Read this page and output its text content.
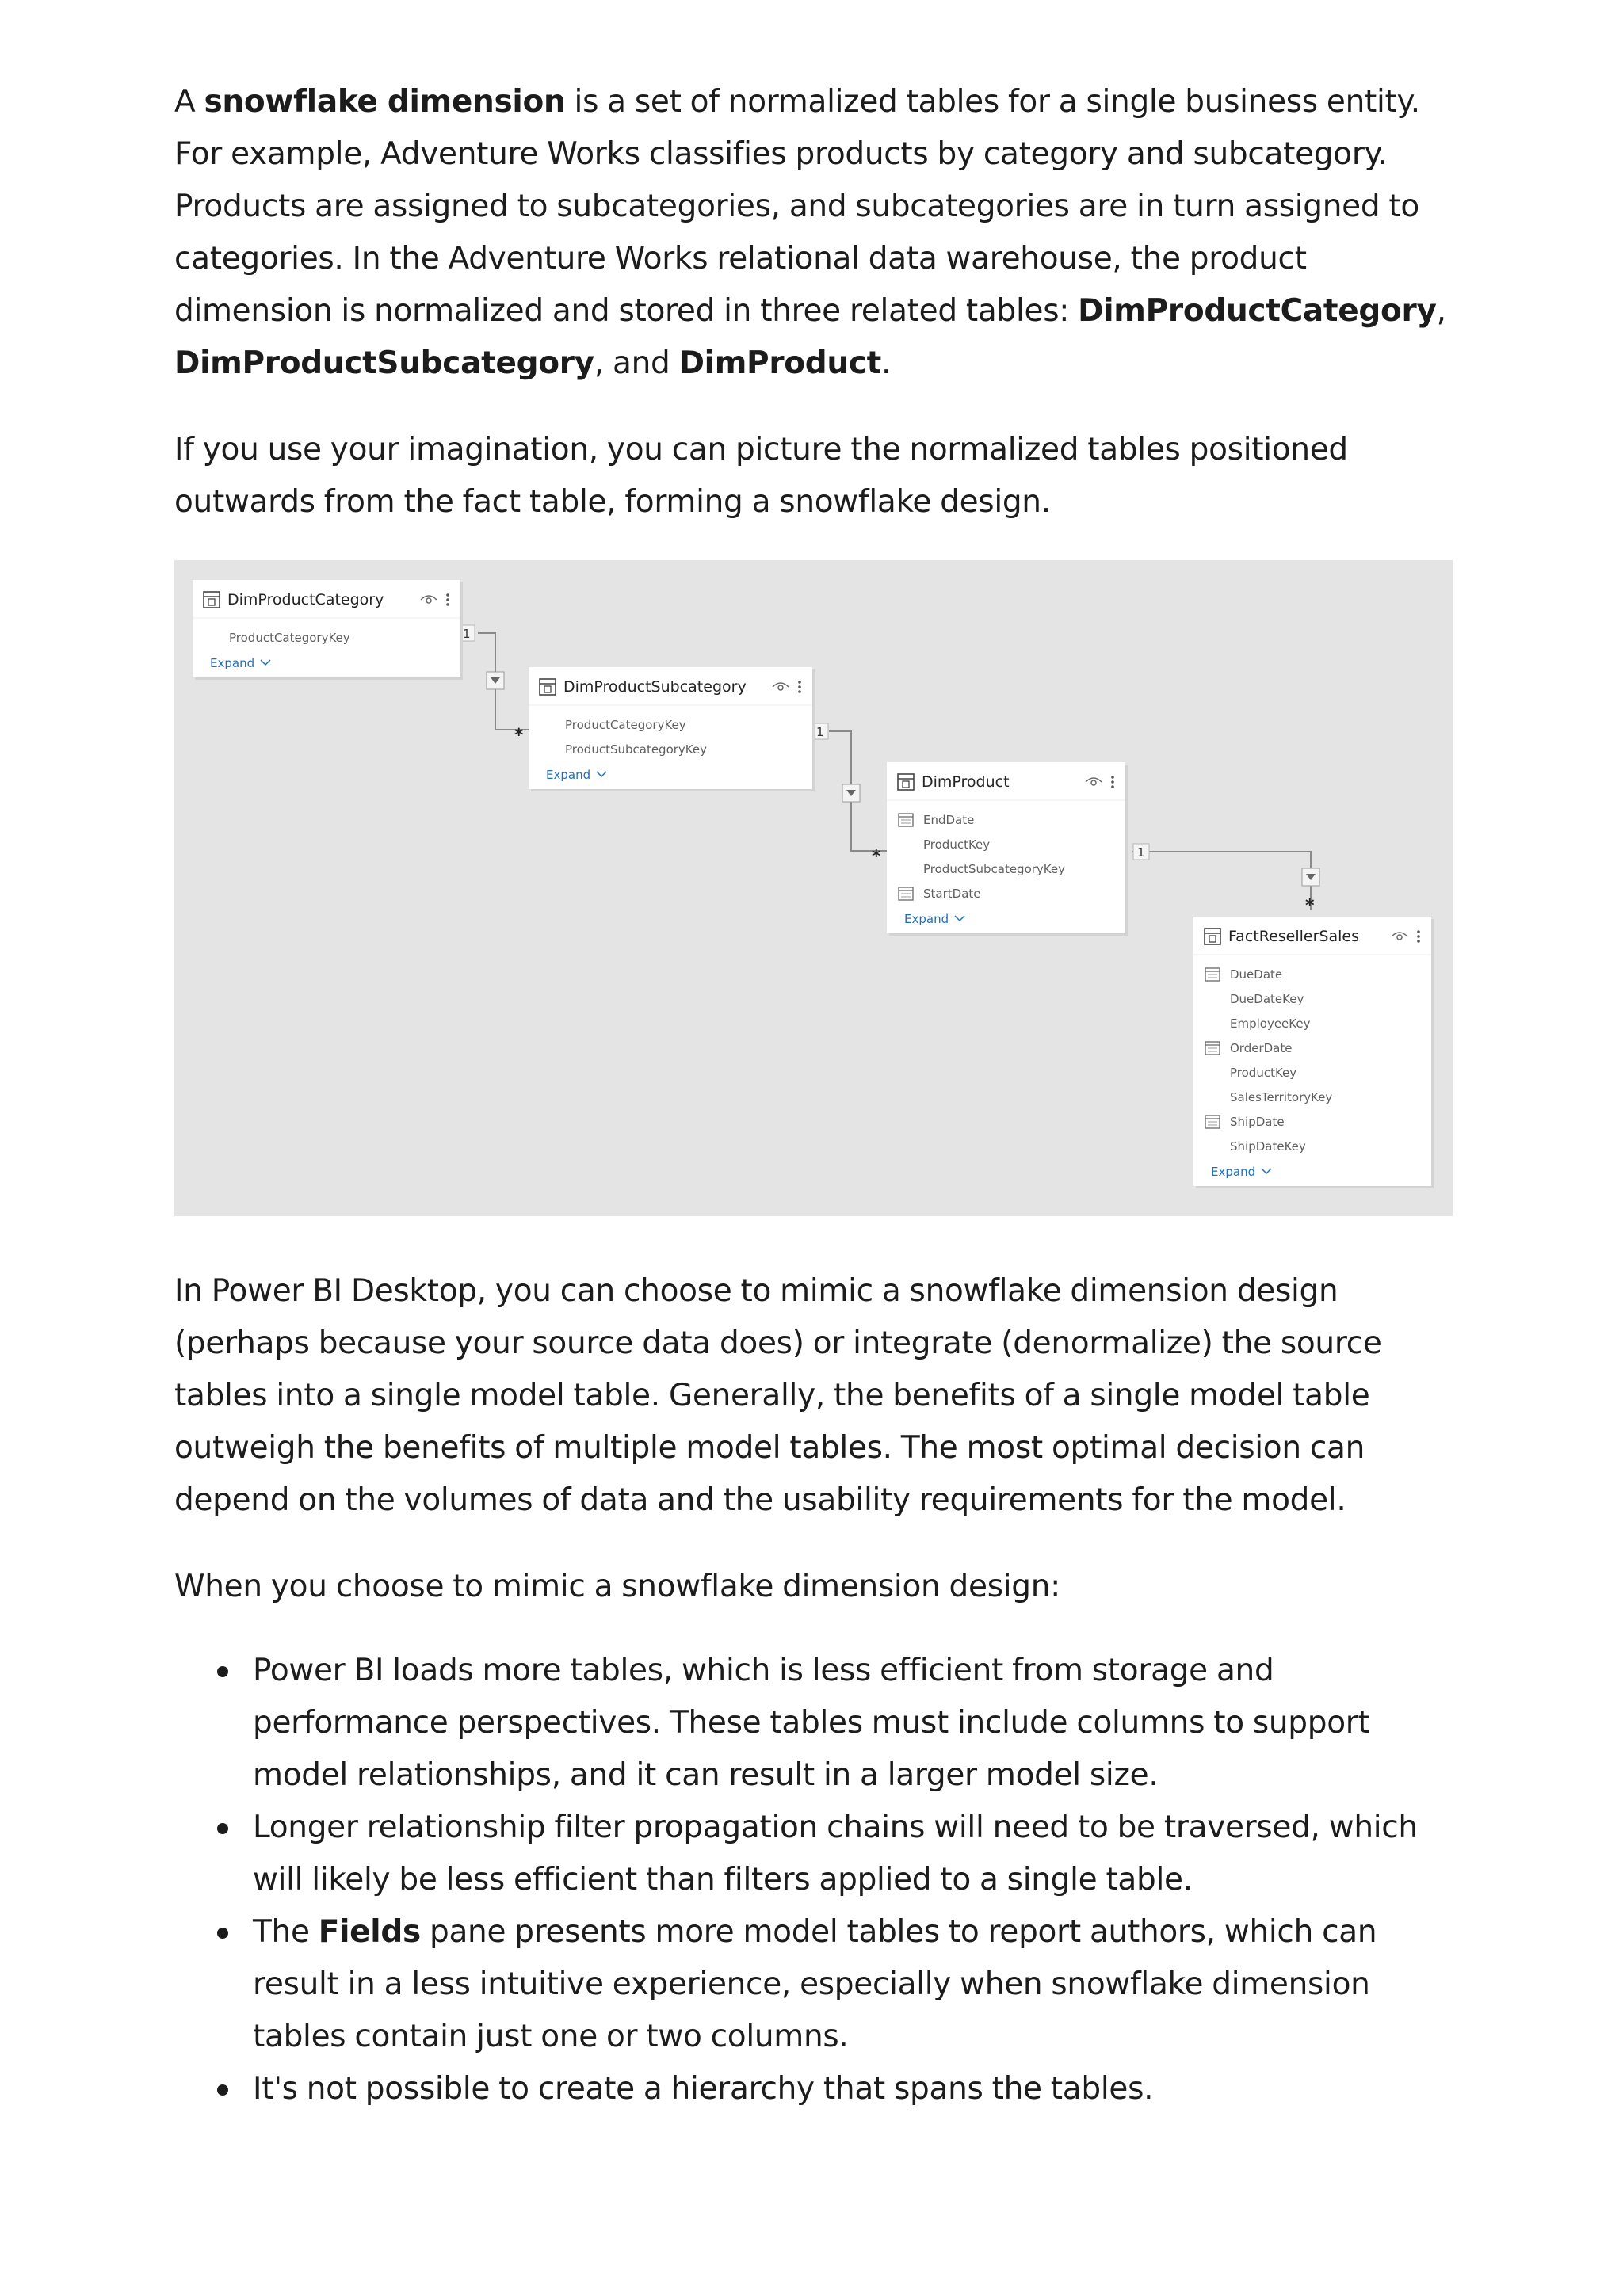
A snowflake dimension is a set of normalized tables for a single business entity. For example, Adventure Works classifies products by category and subcategory. Products are assigned to subcategories, and subcategories are in turn assigned to categories. In the Adventure Works relational data warehouse, the product dimension is normalized and stored in three related tables: DimProductCategory, DimProductSubcategory, and DimProduct.

If you use your imagination, you can picture the normalized tables positioned outwards from the fact table, forming a snowflake design.

1
*	1
*	1
*
DimProductCategory
ProductCategoryKey
Expand
DimProductSubcategory
ProductCategoryKey
ProductSubcategoryKey
Expand	DimProduct
EndDate
ProductKey
ProductSubcategoryKey
StartDate
Expand
FactResellerSales
DueDate
DueDateKey
EmployeeKey
OrderDate
ProductKey
SalesTerritoryKey
ShipDate
ShipDateKey
Expand

In Power BI Desktop, you can choose to mimic a snowflake dimension design (perhaps because your source data does) or integrate (denormalize) the source tables into a single model table. Generally, the benefits of a single model table outweigh the benefits of multiple model tables. The most optimal decision can depend on the volumes of data and the usability requirements for the model.

When you choose to mimic a snowflake dimension design:

Power BI loads more tables, which is less efficient from storage and performance perspectives. These tables must include columns to support model relationships, and it can result in a larger model size.
Longer relationship filter propagation chains will need to be traversed, which will likely be less efficient than filters applied to a single table.
The Fields pane presents more model tables to report authors, which can result in a less intuitive experience, especially when snowflake dimension tables contain just one or two columns.
It's not possible to create a hierarchy that spans the tables.
